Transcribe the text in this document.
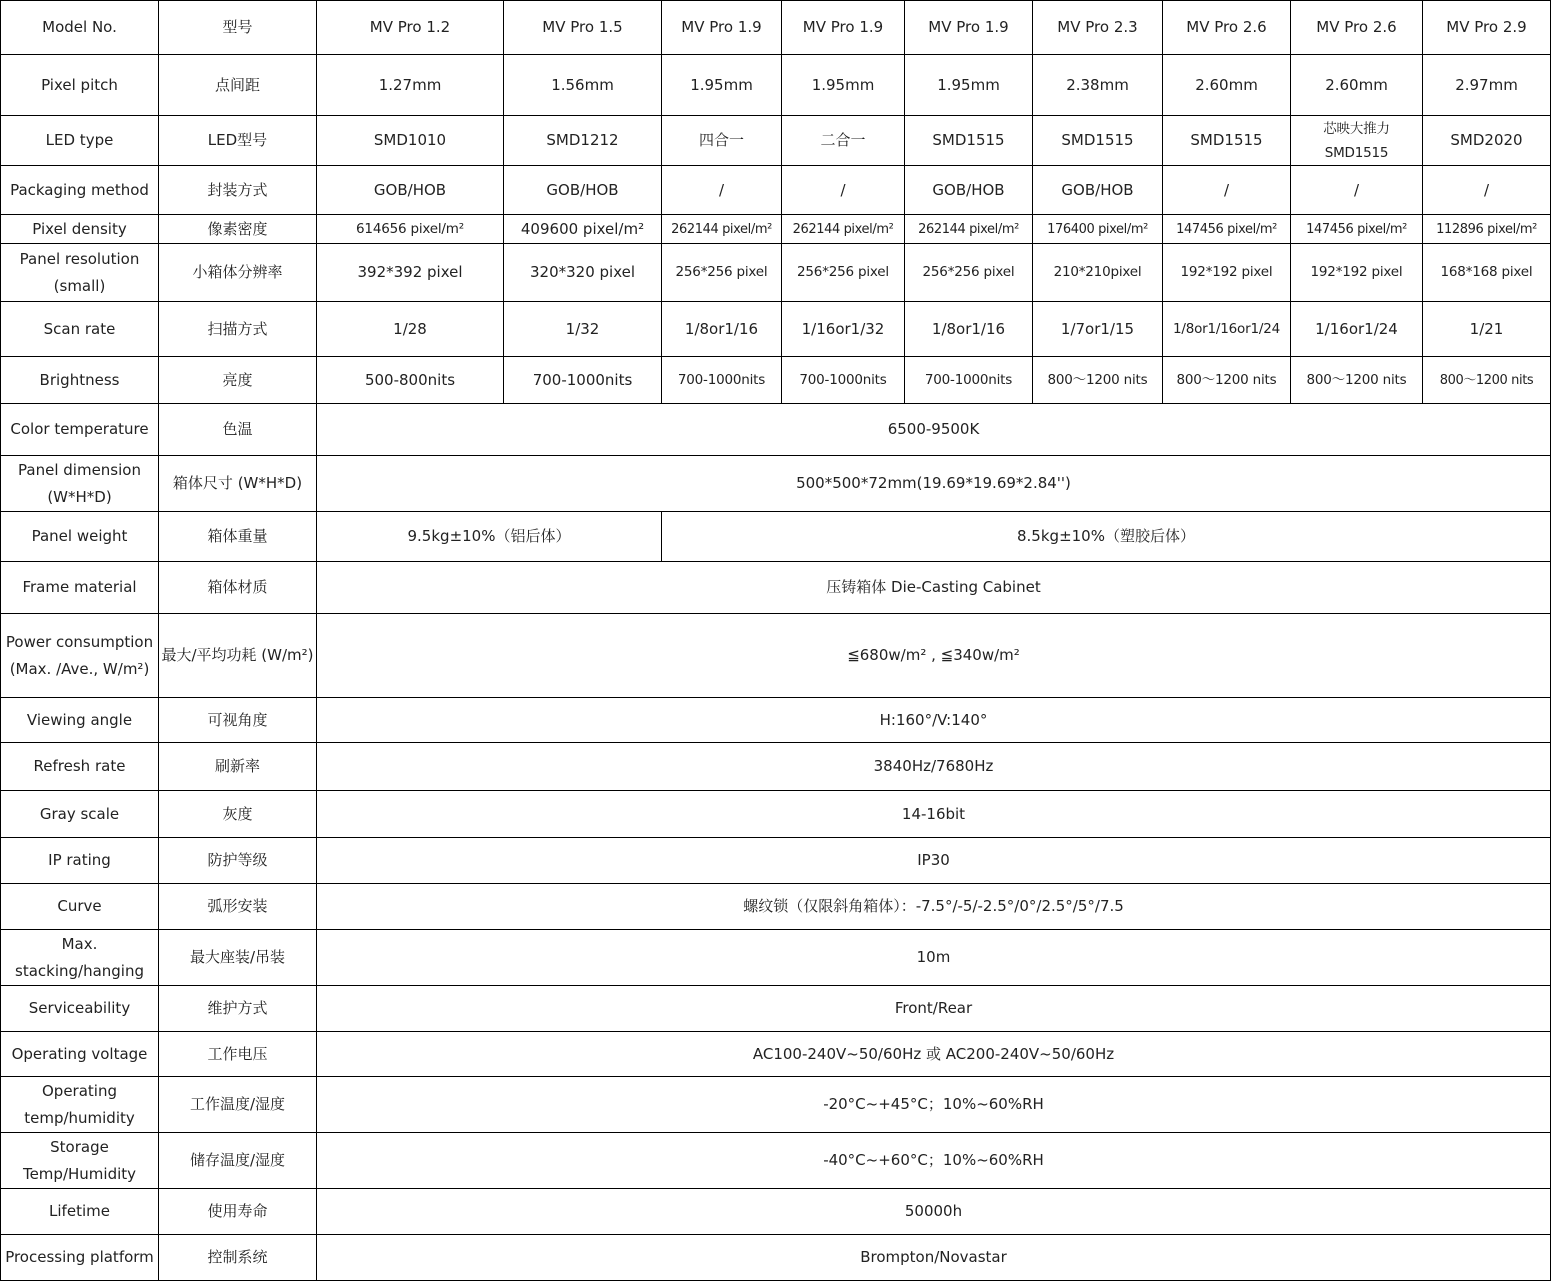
Model No.	型号	MV Pro 1.2	MV Pro 1.5	MV Pro 1.9	MV Pro 1.9	MV Pro 1.9	MV Pro 2.3	MV Pro 2.6	MV Pro 2.6	MV Pro 2.9
Pixel pitch	点间距	1.27mm	1.56mm	1.95mm	1.95mm	1.95mm	2.38mm	2.60mm	2.60mm	2.97mm
LED type	LED型号	SMD1010	SMD1212	四合一	二合一	SMD1515	SMD1515	SMD1515	芯映大推力 SMD1515	SMD2020
Packaging method	封装方式	GOB/HOB	GOB/HOB	/	/	GOB/HOB	GOB/HOB	/	/	/
Pixel density	像素密度	614656 pixel/m²	409600 pixel/m²	262144 pixel/m²	262144 pixel/m²	262144 pixel/m²	176400 pixel/m²	147456 pixel/m²	147456 pixel/m²	112896 pixel/m²
Panel resolution (small)	小箱体分辨率	392*392 pixel	320*320 pixel	256*256 pixel	256*256 pixel	256*256 pixel	210*210pixel	192*192 pixel	192*192 pixel	168*168 pixel
Scan rate	扫描方式	1/28	1/32	1/8or1/16	1/16or1/32	1/8or1/16	1/7or1/15	1/8or1/16or1/24	1/16or1/24	1/21
Brightness	亮度	500-800nits	700-1000nits	700-1000nits	700-1000nits	700-1000nits	800～1200 nits	800～1200 nits	800～1200 nits	800～1200 nits
Color temperature	色温	6500-9500K								
Panel dimension (W*H*D)	箱体尺寸 (W*H*D)	500*500*72mm(19.69*19.69*2.84'')								
Panel weight	箱体重量	9.5kg±10%（铝后体）		8.5kg±10%（塑胶后体）						
Frame material	箱体材质	压铸箱体 Die-Casting Cabinet								
Power consumption (Max. /Ave., W/m²)	最大/平均功耗 (W/m²)	≦680w/m² , ≦340w/m²								
Viewing angle	可视角度	H:160°/V:140°								
Refresh rate	刷新率	3840Hz/7680Hz								
Gray scale	灰度	14-16bit								
IP rating	防护等级	IP30								
Curve	弧形安装	螺纹锁（仅限斜角箱体）：-7.5°/-5/-2.5°/0°/2.5°/5°/7.5								
Max. stacking/hanging	最大座装/吊装	10m								
Serviceability	维护方式	Front/Rear								
Operating voltage	工作电压	AC100-240V~50/60Hz 或 AC200-240V~50/60Hz								
Operating temp/humidity	工作温度/湿度	-20°C~+45°C；10%~60%RH								
Storage Temp/Humidity	储存温度/湿度	-40°C~+60°C；10%~60%RH								
Lifetime	使用寿命	50000h								
Processing platform	控制系统	Brompton/Novastar								
